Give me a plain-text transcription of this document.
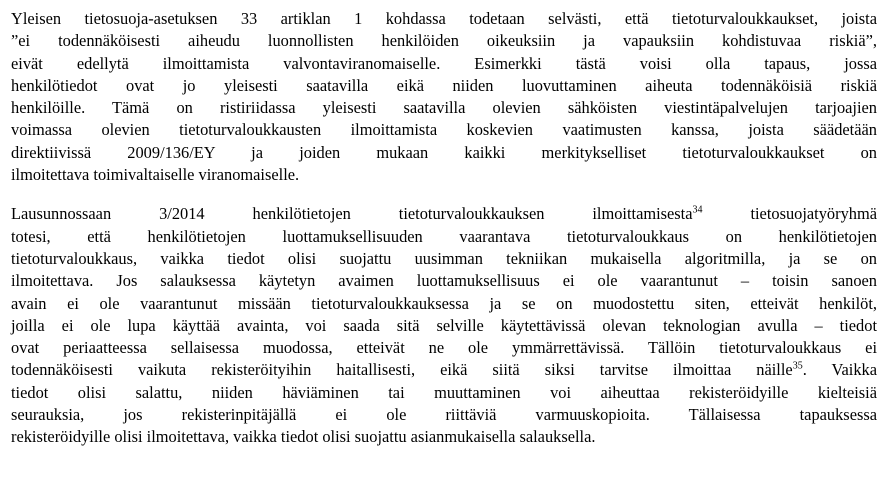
Yleisen tietosuoja-asetuksen 33 artiklan 1 kohdassa todetaan selvästi, että tietoturvaloukkaukset, joista
”ei todennäköisesti aiheudu luonnollisten henkilöiden oikeuksiin ja vapauksiin kohdistuvaa riskiä”,
eivät edellytä ilmoittamista valvontaviranomaiselle. Esimerkki tästä voisi olla tapaus, jossa
henkilötiedot ovat jo yleisesti saatavilla eikä niiden luovuttaminen aiheuta todennäköisiä riskiä
henkilöille. Tämä on ristiriidassa yleisesti saatavilla olevien sähköisten viestintäpalvelujen tarjoajien
voimassa olevien tietoturvaloukkausten ilmoittamista koskevien vaatimusten kanssa, joista säädetään
direktiivissä 2009/136/EY ja joiden mukaan kaikki merkitykselliset tietoturvaloukkaukset on
ilmoitettava toimivaltaiselle viranomaiselle.
Lausunnossaan 3/2014 henkilötietojen tietoturvaloukkauksen ilmoittamisesta$^{34}$ tietosuojatyöryhmä
totesi, että henkilötietojen luottamuksellisuuden vaarantava tietoturvaloukkaus on henkilötietojen
tietoturvaloukkaus, vaikka tiedot olisi suojattu uusimman tekniikan mukaisella algoritmilla, ja se on
ilmoitettava. Jos salauksessa käytetyn avaimen luottamuksellisuus ei ole vaarantunut – toisin sanoen
avain ei ole vaarantunut missään tietoturvaloukkauksessa ja se on muodostettu siten, etteivät henkilöt,
joilla ei ole lupa käyttää avainta, voi saada sitä selville käytettävissä olevan teknologian avulla – tiedot
ovat periaatteessa sellaisessa muodossa, etteivät ne ole ymmärrettävissä. Tällöin tietoturvaloukkaus ei
todennäköisesti vaikuta rekisteröityihin haitallisesti, eikä siitä siksi tarvitse ilmoittaa näille$^{35}$. Vaikka
tiedot olisi salattu, niiden häviäminen tai muuttaminen voi aiheuttaa rekisteröidyille kielteisiä
seurauksia, jos rekisterinpitäjällä ei ole riittäviä varmuuskopioita. Tällaisessa tapauksessa
rekisteröidyille olisi ilmoitettava, vaikka tiedot olisi suojattu asianmukaisella salauksella.
